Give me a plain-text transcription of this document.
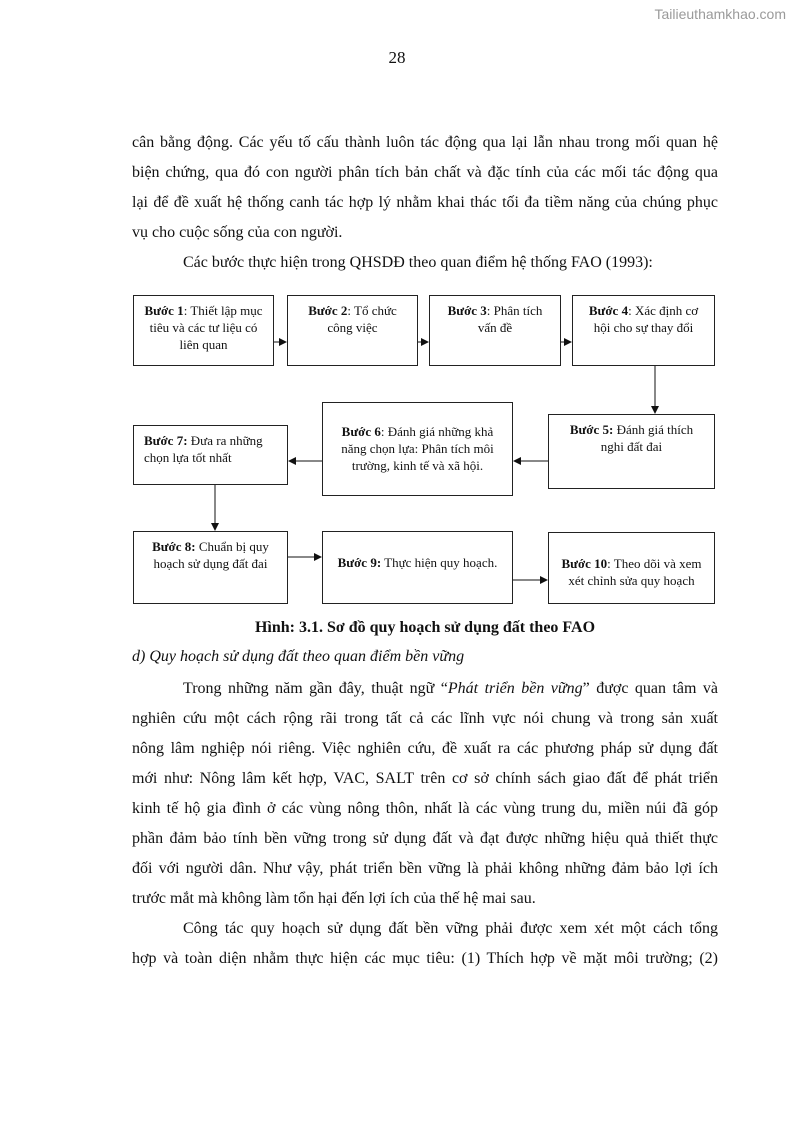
Tailieuthamkhao.com
28
cân bằng động. Các yếu tố cấu thành luôn tác động qua lại lẫn nhau trong mối quan hệ
biện chứng, qua đó con người phân tích bản chất và đặc tính của các mối tác động qua
lại để đề xuất hệ thống canh tác hợp lý nhằm khai thác tối đa tiềm năng của chúng phục
vụ cho cuộc sống của con người.
Các bước thực hiện trong QHSDĐ theo quan điểm hệ thống FAO (1993):
Bước 1: Thiết lập mục tiêu và các tư liệu có liên quan
Bước 2: Tổ chức công việc
Bước 3: Phân tích vấn đề
Bước 4: Xác định cơ hội cho sự thay đổi
Bước 5: Đánh giá thích nghi đất đai
Bước 6: Đánh giá những khả năng chọn lựa: Phân tích môi trường, kinh tế và xã hội.
Bước 7: Đưa ra những chọn lựa tốt nhất
Bước 8: Chuẩn bị quy hoạch sử dụng đất đai	Bước 9: Thực hiện quy hoạch.	Bước 10: Theo dõi và xem xét chỉnh sửa quy hoạch
Hình: 3.1. Sơ đồ quy hoạch sử dụng đất theo FAO
d) Quy hoạch sử dụng đất theo quan điểm bền vững
Trong những năm gần đây, thuật ngữ “Phát triển bền vững” được quan tâm và
nghiên cứu một cách rộng rãi trong tất cả các lĩnh vực nói chung và trong sản xuất
nông lâm nghiệp nói riêng. Việc nghiên cứu, đề xuất ra các phương pháp sử dụng đất
mới như: Nông lâm kết hợp, VAC, SALT trên cơ sở chính sách giao đất để phát triển
kinh tế hộ gia đình ở các vùng nông thôn, nhất là các vùng trung du, miền núi đã góp
phần đảm bảo tính bền vững trong sử dụng đất và đạt được những hiệu quả thiết thực
đối với người dân. Như vậy, phát triển bền vững là phải không những đảm bảo lợi ích
trước mắt mà không làm tổn hại đến lợi ích của thế hệ mai sau.
Công tác quy hoạch sử dụng đất bền vững phải được xem xét một cách tổng
hợp và toàn diện nhằm thực hiện các mục tiêu: (1) Thích hợp về mặt môi trường; (2)
